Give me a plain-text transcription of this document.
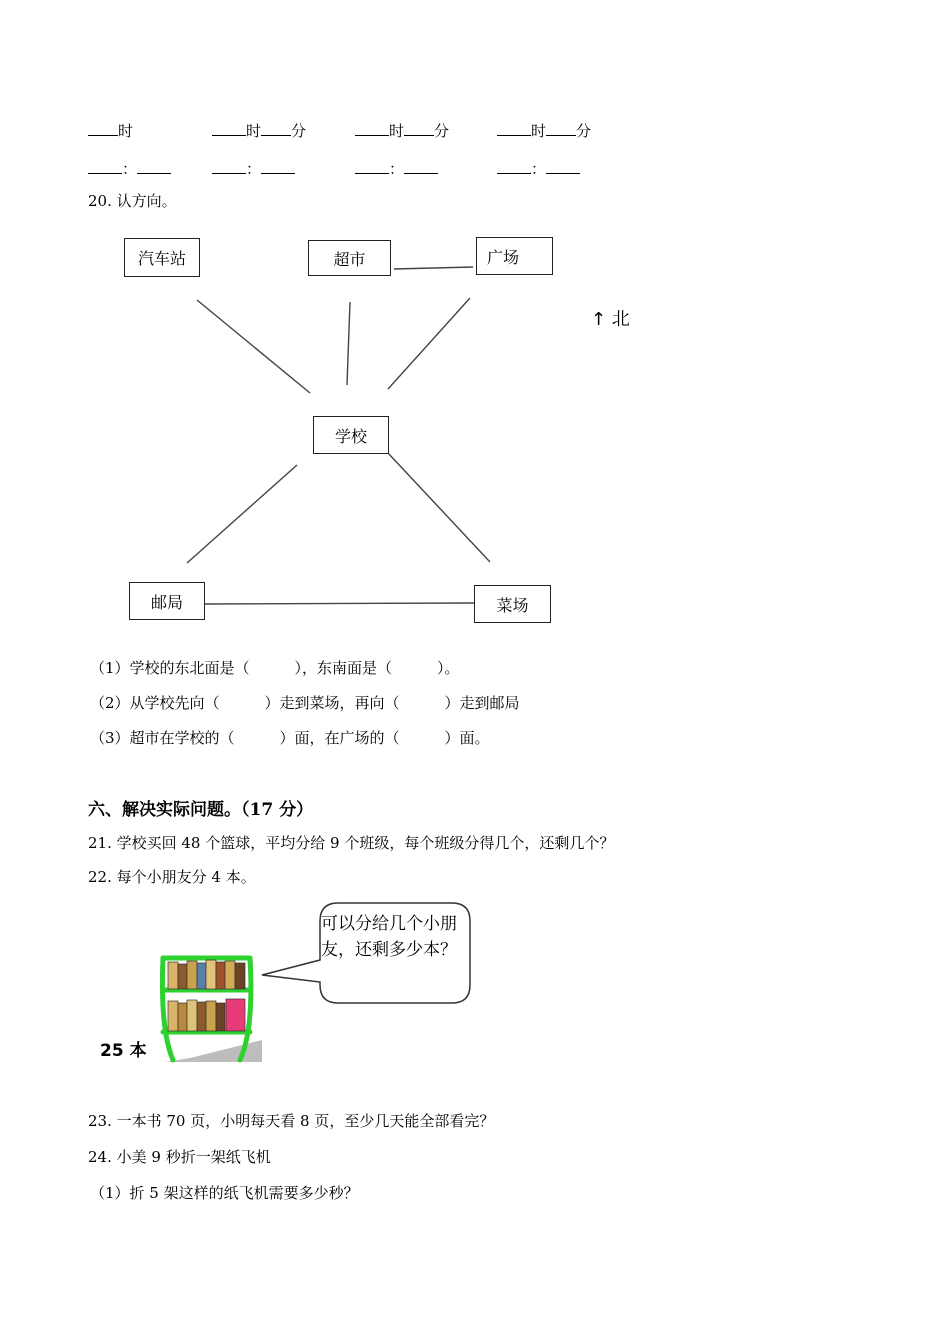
时	时 分	时 分	时 分
：	：	：	：
20. 认方向。
汽车站	超市	广场
学校
邮局	菜场
↑ 北
（1）学校的东北面是（　　　），东南面是（　　　）。
（2）从学校先向（　　　）走到菜场，再向（　　　）走到邮局
（3）超市在学校的（　　　）面，在广场的（　　　）面。
六、解决实际问题。（17 分）
21. 学校买回 48 个篮球，平均分给 9 个班级，每个班级分得几个，还剩几个？
22. 每个小朋友分 4 本。
可以分给几个小朋友，还剩多少本？
25 本
23. 一本书 70 页，小明每天看 8 页，至少几天能全部看完？
24. 小美 9 秒折一架纸飞机
（1）折 5 架这样的纸飞机需要多少秒？
